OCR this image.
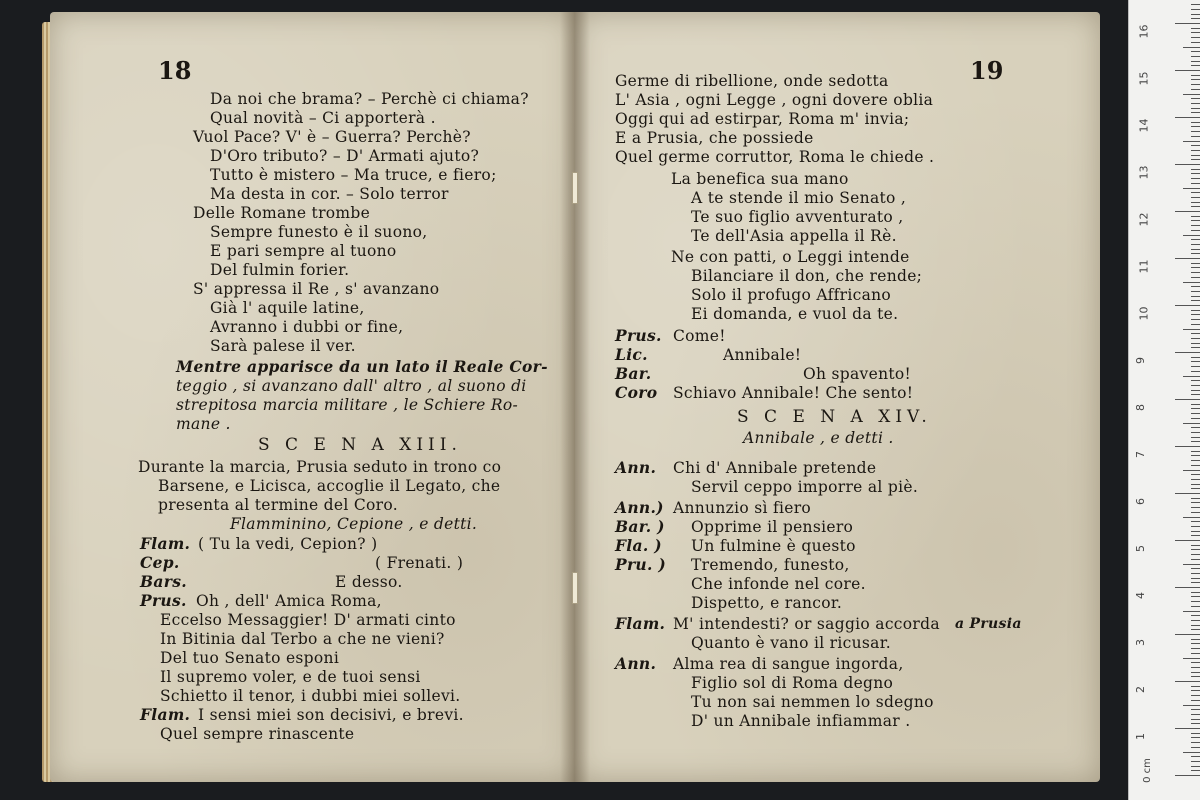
18
Da noi che brama? – Perchè ci chiama?
Qual novità – Ci apporterà .
Vuol Pace? V' è – Guerra? Perchè?
D'Oro tributo? – D' Armati ajuto?
Tutto è mistero – Ma truce, e fiero;
Ma desta in cor. – Solo terror
Delle Romane trombe
Sempre funesto è il suono,
E pari sempre al tuono
Del fulmin forier.
S' appressa il Re , s' avanzano
Già l' aquile latine,
Avranno i dubbi or fine,
Sarà palese il ver.
Mentre apparisce da un lato il Reale Cor-
teggio , si avanzano dall' altro , al suono di
strepitosa marcia militare , le Schiere Ro-
mane .
S C E N A XIII.
Durante la marcia, Prusia seduto in trono co
Barsene, e Licisca, accoglie il Legato, che
presenta al termine del Coro.
Flamminino, Cepione , e detti.
Flam. ( Tu la vedi, Cepion? )
Cep.	( Frenati. )
Bars.	E desso.
Prus. Oh , dell' Amica Roma,
Eccelso Messaggier! D' armati cinto
In Bitinia dal Terbo a che ne vieni?
Del tuo Senato esponi
Il supremo voler, e de tuoi sensi
Schietto il tenor, i dubbi miei sollevi.
Flam. I sensi miei son decisivi, e brevi.
Quel sempre rinascente
19
Germe di ribellione, onde sedotta
L' Asia , ogni Legge , ogni dovere oblia
Oggi qui ad estirpar, Roma m' invia;
E a Prusia, che possiede
Quel germe corruttor, Roma le chiede .
La benefica sua mano
A te stende il mio Senato ,
Te suo figlio avventurato ,
Te dell'Asia appella il Rè.
Ne con patti, o Leggi intende
Bilanciare il don, che rende;
Solo il profugo Affricano
Ei domanda, e vuol da te.
Prus. Come!
Lic.	Annibale!
Bar.	Oh spavento!
Coro Schiavo Annibale! Che sento!
S C E N A XIV.
Annibale , e detti .
Ann. Chi d' Annibale pretende
Servil ceppo imporre al piè.
Ann.) Annunzio sì fiero
Bar. ) Opprime il pensiero
Fla. ) Un fulmine è questo
Pru. ) Tremendo, funesto,
Che infonde nel core.
Dispetto, e rancor.
Flam. M' intendesti? or saggio accorda a Prusia
Quanto è vano il ricusar.
Ann. Alma rea di sangue ingorda,
Figlio sol di Roma degno
Tu non sai nemmen lo sdegno
D' un Annibale infiammar .
0 cm
1
2
3
4
5
6
7
8
9
10
11
12
13
14
15
16
